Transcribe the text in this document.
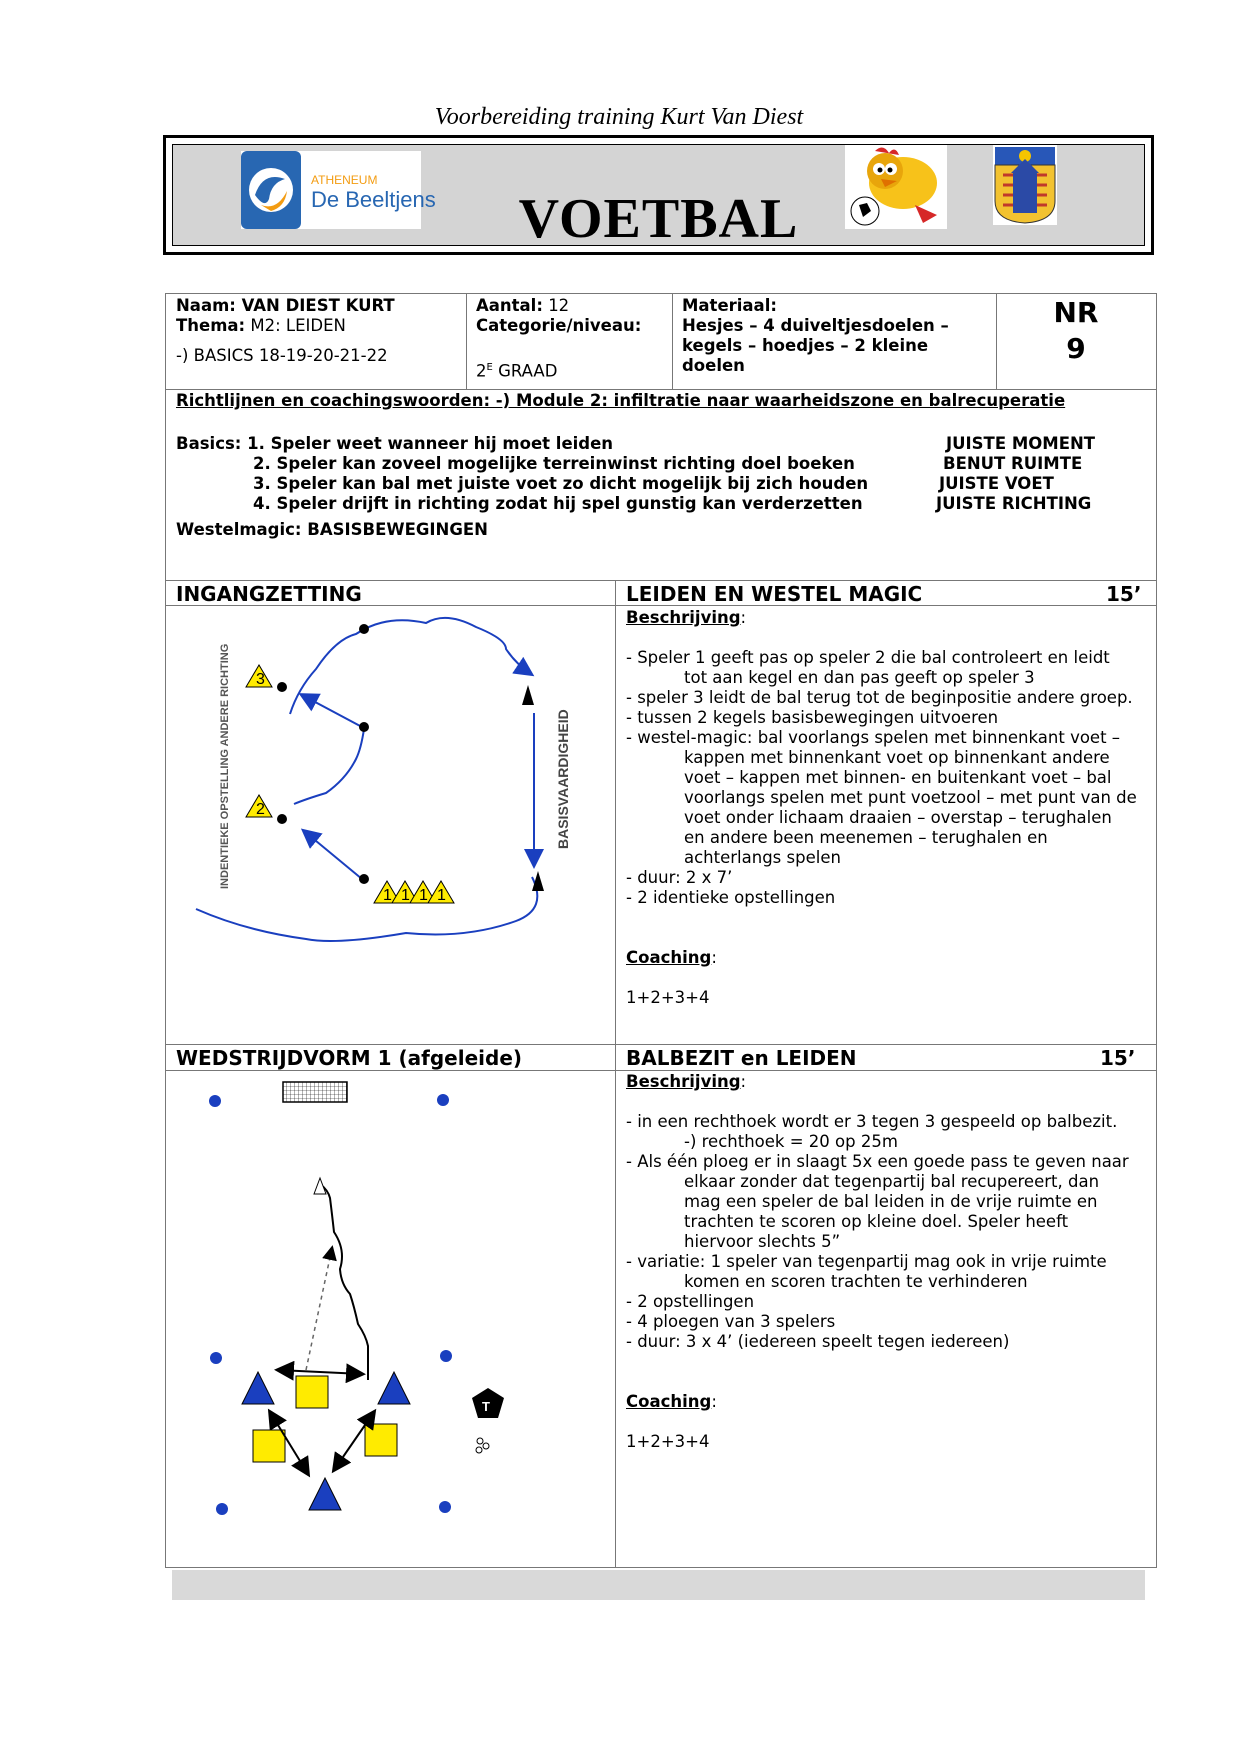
Voorbereiding training Kurt Van Diest
ATHENEUM
De Beeltjens	VOETBAL
Naam: VAN DIEST KURT
Thema: M2: LEIDEN
-) BASICS 18-19-20-21-22
Aantal: 12
Categorie/niveau:
$2^E$ GRAAD
Materiaal:
Hesjes – 4 duiveltjesdoelen –
kegels – hoedjes – 2 kleine
doelen
NR
9
Richtlijnen en coachingswoorden: -) Module 2: infiltratie naar waarheidszone en balrecuperatie
Basics: 1. Speler weet wanneer hij moet leiden	JUISTE MOMENT
2. Speler kan zoveel mogelijke terreinwinst richting doel boeken	BENUT RUIMTE
3. Speler kan bal met juiste voet zo dicht mogelijk bij zich houden	JUISTE VOET
4. Speler drijft in richting zodat hij spel gunstig kan verderzetten	JUISTE RICHTING
Westelmagic: BASISBEWEGINGEN
INGANGZETTING	LEIDEN EN WESTEL MAGIC	15’
Beschrijving:
- Speler 1 geeft pas op speler 2 die bal controleert en leidt
tot aan kegel en dan pas geeft op speler 3
- speler 3 leidt de bal terug tot de beginpositie andere groep.
- tussen 2 kegels basisbewegingen uitvoeren
- westel-magic: bal voorlangs spelen met binnenkant voet –
kappen met binnenkant voet op binnenkant andere
voet – kappen met binnen- en buitenkant voet – bal
voorlangs spelen met punt voetzool – met punt van de
voet onder lichaam draaien – overstap – terughalen
en andere been meenemen – terughalen en
achterlangs spelen
- duur: 2 x 7’
- 2 identieke opstellingen
Coaching:
1+2+3+4
3
2
1 1 1 1
INDENTIEKE OPSTELLING ANDERE RICHTING	BASISVAARDIGHEID
WEDSTRIJDVORM 1 (afgeleide)	BALBEZIT en LEIDEN	15’
Beschrijving:
- in een rechthoek wordt er 3 tegen 3 gespeeld op balbezit.
-) rechthoek = 20 op 25m
- Als één ploeg er in slaagt 5x een goede pass te geven naar
elkaar zonder dat tegenpartij bal recupereert, dan
mag een speler de bal leiden in de vrije ruimte en
trachten te scoren op kleine doel. Speler heeft
hiervoor slechts 5”
- variatie: 1 speler van tegenpartij mag ook in vrije ruimte
komen en scoren trachten te verhinderen
- 2 opstellingen
- 4 ploegen van 3 spelers
- duur: 3 x 4’ (iedereen speelt tegen iedereen)
Coaching:
1+2+3+4
T
